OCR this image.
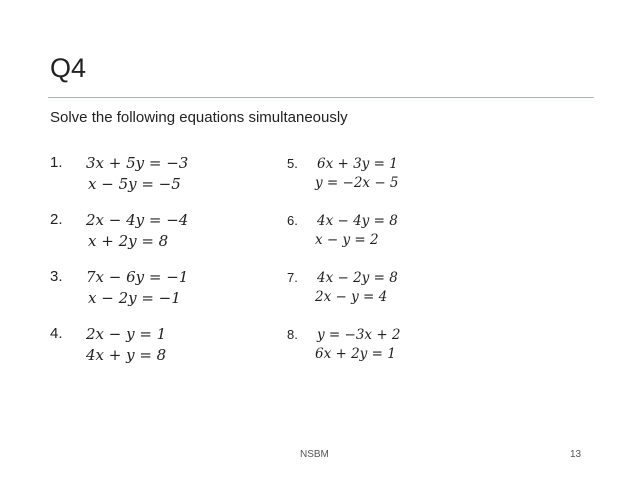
Q4
Solve the following equations simultaneously
1. 3x + 5y = −3
x − 5y = −5
2. 2x − 4y = −4
x + 2y = 8
3. 7x − 6y = −1
x − 2y = −1
4. 2x − y = 1
4x + y = 8
5. 6x + 3y = 1
y = −2x − 5
6. 4x − 4y = 8
x − y = 2
7. 4x − 2y = 8
2x − y = 4
8. y = −3x + 2
6x + 2y = 1
NSBM	13
